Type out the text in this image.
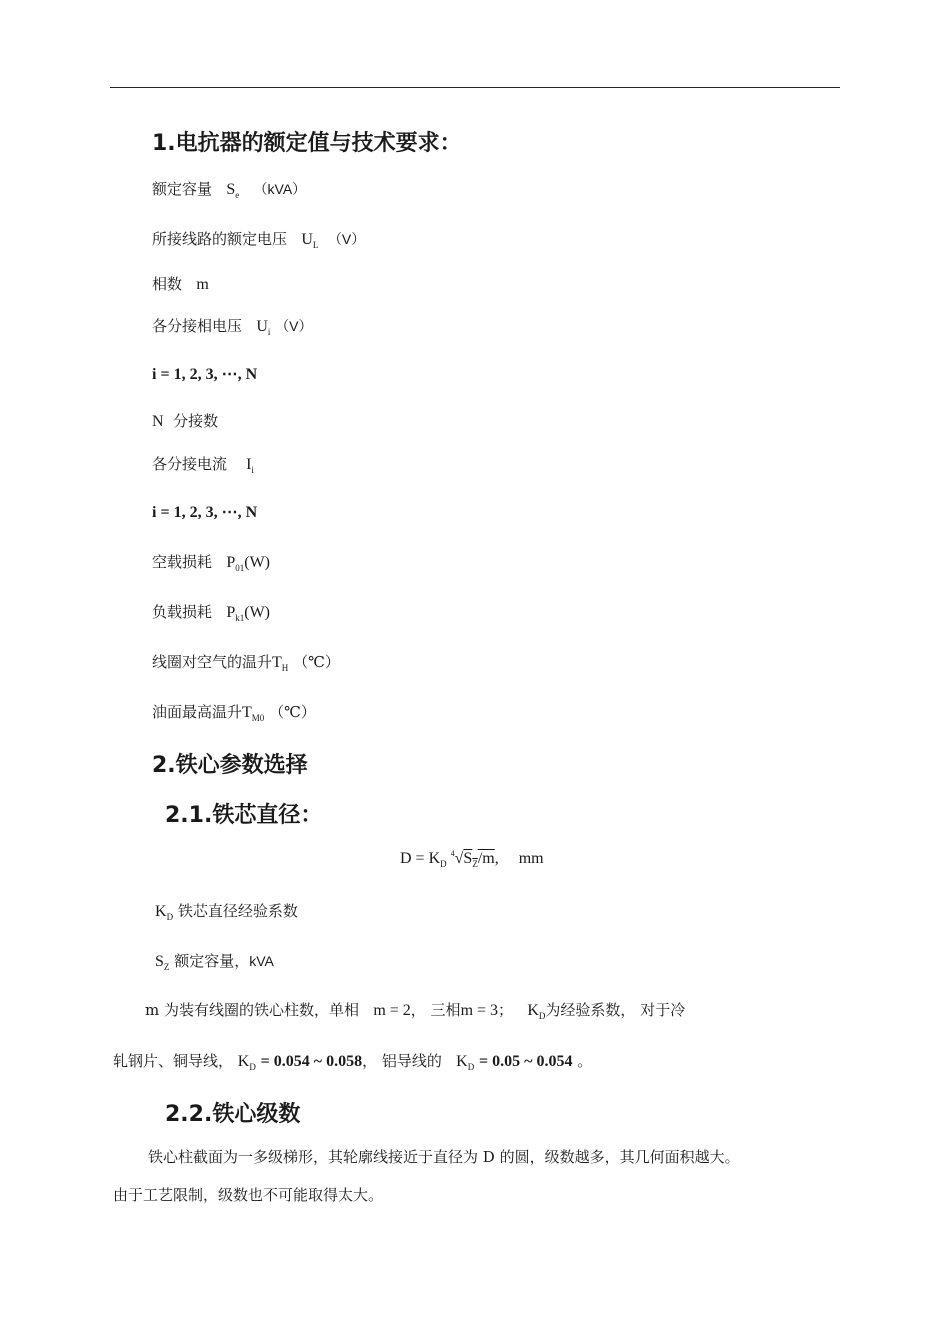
1.电抗器的额定值与技术要求：
额定容量 $S_e$ （kVA）
所接线路的额定电压 $U_L$ （V）
相数 m
各分接相电压 $U_i$ （V）
i = 1, 2, 3, ⋯, N
N 分接数
各分接电流 $I_i$
i = 1, 2, 3, ⋯, N
空载损耗 $P_{01}(W)$
负载损耗 $P_{k1}(W)$
线圈对空气的温升$T_H$ （℃）
油面最高温升$T_{M0}$ （℃）
2.铁心参数选择
2.1.铁芯直径：
$D = K_D$ $^4√S_Z/m$,     mm
$K_D$ 铁芯直径经验系数
$S_Z$ 额定容量，kVA
m 为装有线圈的铁心柱数，单相 m = 2， 三相m = 3； $K_D$为经验系数， 对于冷
轧钢片、铜导线， $K_D = 0.054$ ~ 0.058， 铝导线的 $K_D = 0.05$ ~ 0.054 。
2.2.铁心级数
铁心柱截面为一多级梯形，其轮廓线接近于直径为 D 的圆，级数越多，其几何面积越大。
由于工艺限制，级数也不可能取得太大。
